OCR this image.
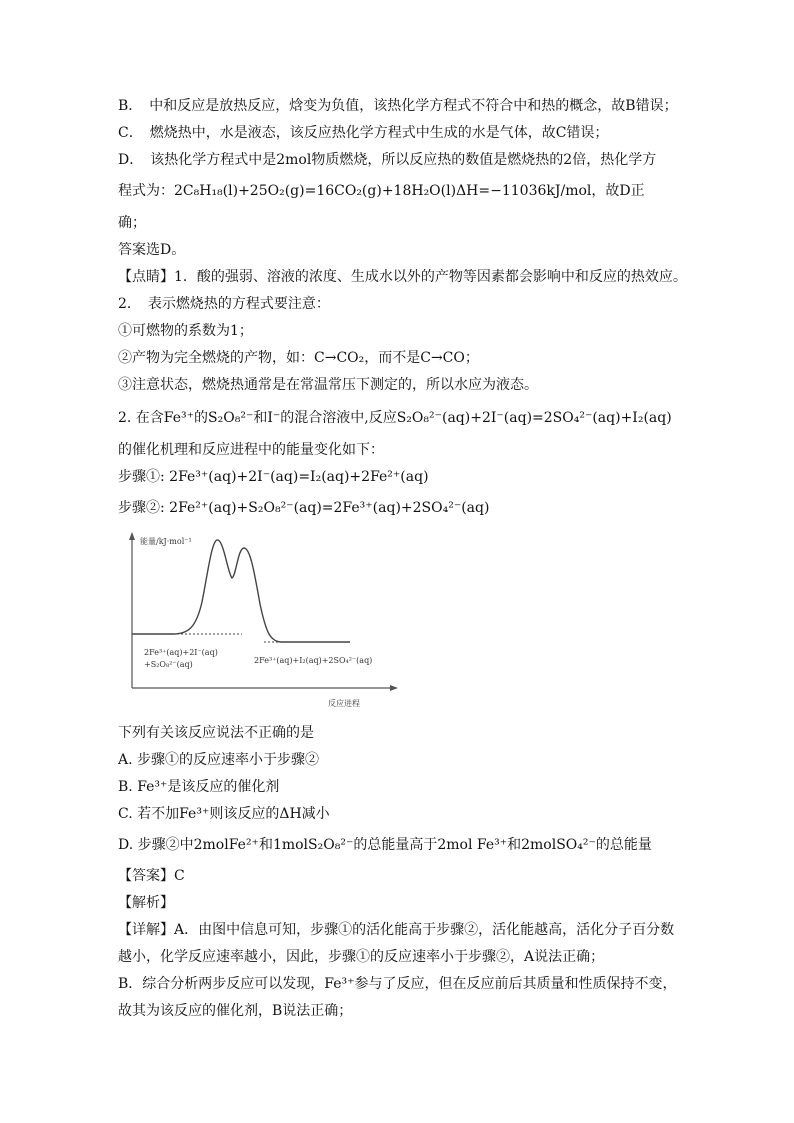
B．　中和反应是放热反应，焓变为负值，该热化学方程式不符合中和热的概念，故B错误；
C．　燃烧热中，水是液态，该反应热化学方程式中生成的水是气体，故C错误；
D．　该热化学方程式中是2mol物质燃烧，所以反应热的数值是燃烧热的2倍，热化学方
程式为：2C₈H₁₈(l)+25O₂(g)=16CO₂(g)+18H₂O(l)ΔH=−11036kJ/mol，故D正
确；
答案选D。
【点睛】1．酸的强弱、溶液的浓度、生成水以外的产物等因素都会影响中和反应的热效应。
2．　表示燃烧热的方程式要注意：
①可燃物的系数为1；
②产物为完全燃烧的产物，如：C→CO₂，而不是C→CO；
③注意状态，燃烧热通常是在常温常压下测定的，所以水应为液态。
2. 在含Fe³⁺的S₂O₈²⁻和I⁻的混合溶液中,反应S₂O₈²⁻(aq)+2I⁻(aq)=2SO₄²⁻(aq)+I₂(aq)
的催化机理和反应进程中的能量变化如下：
步骤①: 2Fe³⁺(aq)+2I⁻(aq)=I₂(aq)+2Fe²⁺(aq)
步骤②: 2Fe²⁺(aq)+S₂O₈²⁻(aq)=2Fe³⁺(aq)+2SO₄²⁻(aq)
能量/kJ·mol⁻¹
反应进程
2Fe³⁺(aq)+2I⁻(aq)
+S₂O₈²⁻(aq)	2Fe³⁺(aq)+I₂(aq)+2SO₄²⁻(aq)
下列有关该反应说法不正确的是
A. 步骤①的反应速率小于步骤②
B. Fe³⁺是该反应的催化剂
C. 若不加Fe³⁺则该反应的ΔH减小
D. 步骤②中2molFe²⁺和1molS₂O₈²⁻的总能量高于2mol Fe³⁺和2molSO₄²⁻的总能量
【答案】C
【解析】
【详解】A．由图中信息可知，步骤①的活化能高于步骤②，活化能越高，活化分子百分数
越小，化学反应速率越小，因此，步骤①的反应速率小于步骤②，A说法正确；
B．综合分析两步反应可以发现，Fe³⁺参与了反应，但在反应前后其质量和性质保持不变，
故其为该反应的催化剂，B说法正确；
